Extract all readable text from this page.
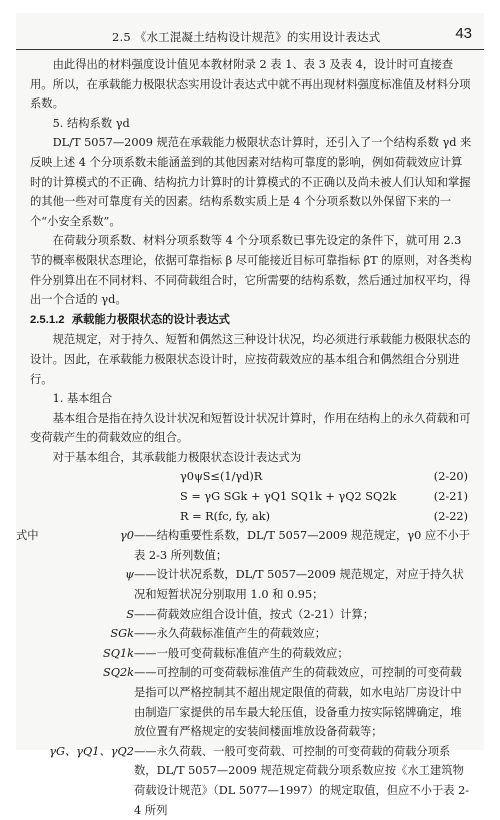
2.5 《水工混凝土结构设计规范》的实用设计表达式	43

由此得出的材料强度设计值见本教材附录 2 表 1、表 3 及表 4，设计时可直接查用。所以，在承载能力极限状态实用设计表达式中就不再出现材料强度标准值及材料分项系数。

5. 结构系数 γd

DL/T 5057—2009 规范在承载能力极限状态计算时，还引入了一个结构系数 γd 来反映上述 4 个分项系数未能涵盖到的其他因素对结构可靠度的影响，例如荷载效应计算时的计算模式的不正确、结构抗力计算时的计算模式的不正确以及尚未被人们认知和掌握的其他一些对可靠度有关的因素。结构系数实质上是 4 个分项系数以外保留下来的一个“小安全系数”。

在荷载分项系数、材料分项系数等 4 个分项系数已事先设定的条件下，就可用 2.3 节的概率极限状态理论，依据可靠指标 β 尽可能接近目标可靠指标 βT 的原则，对各类构件分别算出在不同材料、不同荷载组合时，它所需要的结构系数，然后通过加权平均，得出一个合适的 γd。

2.5.1.2 承载能力极限状态的设计表达式

规范规定，对于持久、短暂和偶然这三种设计状况，均必须进行承载能力极限状态的设计。因此，在承载能力极限状态设计时，应按荷载效应的基本组合和偶然组合分别进行。

1. 基本组合

基本组合是指在持久设计状况和短暂设计状况计算时，作用在结构上的永久荷载和可变荷载产生的荷载效应的组合。

对于基本组合，其承载能力极限状态设计表达式为

γ0ψS≤(1/γd)R	(2-20)
S = γG SGk + γQ1 SQ1k + γQ2 SQ2k	(2-21)
R = R(fc, fy, ak)	(2-22)
式中	γ0 ——结构重要性系数，DL/T 5057—2009 规范规定，γ0 应不小于表 2-3 所列数值；
ψ ——设计状况系数，DL/T 5057—2009 规范规定，对应于持久状况和短暂状况分别取用 1.0 和 0.95；
S ——荷载效应组合设计值，按式（2-21）计算；
SGk ——永久荷载标准值产生的荷载效应；
SQ1k ——一般可变荷载标准值产生的荷载效应；
SQ2k ——可控制的可变荷载标准值产生的荷载效应，可控制的可变荷载是指可以严格控制其不超出规定限值的荷载，如水电站厂房设计中由制造厂家提供的吊车最大轮压值，设备重力按实际铭牌确定，堆放位置有严格规定的安装间楼面堆放设备荷载等；
γG、γQ1、γQ2 ——永久荷载、一般可变荷载、可控制的可变荷载的荷载分项系数，DL/T 5057—2009 规范规定荷载分项系数应按《水工建筑物荷载设计规范》（DL 5077—1997）的规定取值，但应不小于表 2-4 所列
